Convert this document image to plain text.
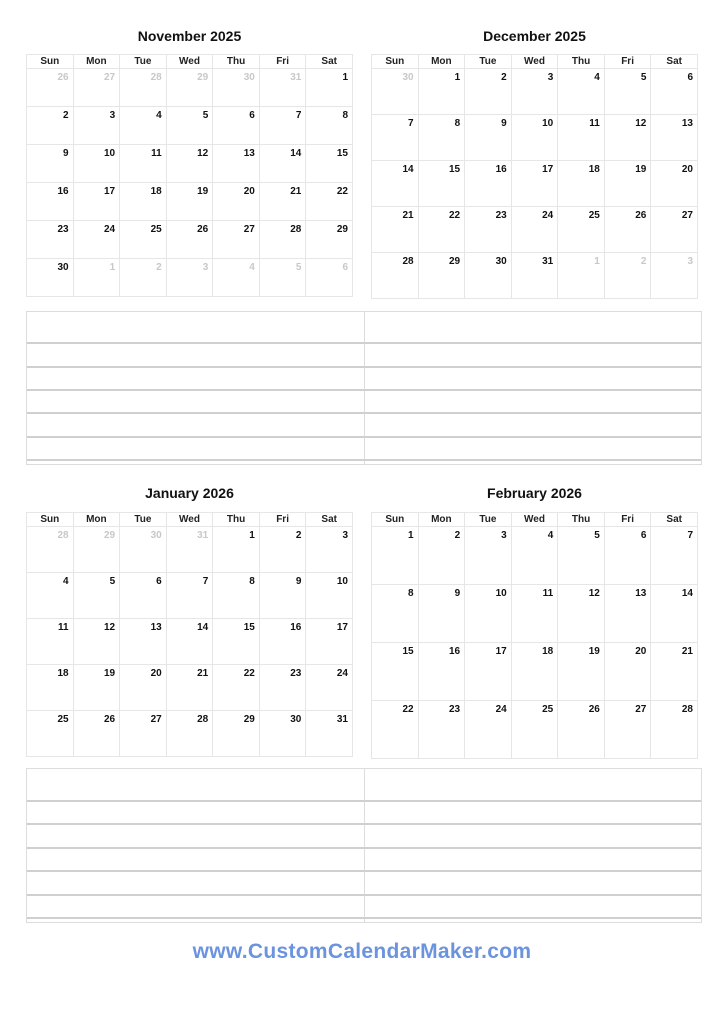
November 2025
Sun	Mon	Tue	Wed	Thu	Fri	Sat
26	27	28	29	30	31	1
2	3	4	5	6	7	8
9	10	11	12	13	14	15
16	17	18	19	20	21	22
23	24	25	26	27	28	29
30	1	2	3	4	5	6
December 2025
Sun	Mon	Tue	Wed	Thu	Fri	Sat
30	1	2	3	4	5	6
7	8	9	10	11	12	13
14	15	16	17	18	19	20
21	22	23	24	25	26	27
28	29	30	31	1	2	3
January 2026
Sun	Mon	Tue	Wed	Thu	Fri	Sat
28	29	30	31	1	2	3
4	5	6	7	8	9	10
11	12	13	14	15	16	17
18	19	20	21	22	23	24
25	26	27	28	29	30	31
February 2026
Sun	Mon	Tue	Wed	Thu	Fri	Sat
1	2	3	4	5	6	7
8	9	10	11	12	13	14
15	16	17	18	19	20	21
22	23	24	25	26	27	28
www.CustomCalendarMaker.com
